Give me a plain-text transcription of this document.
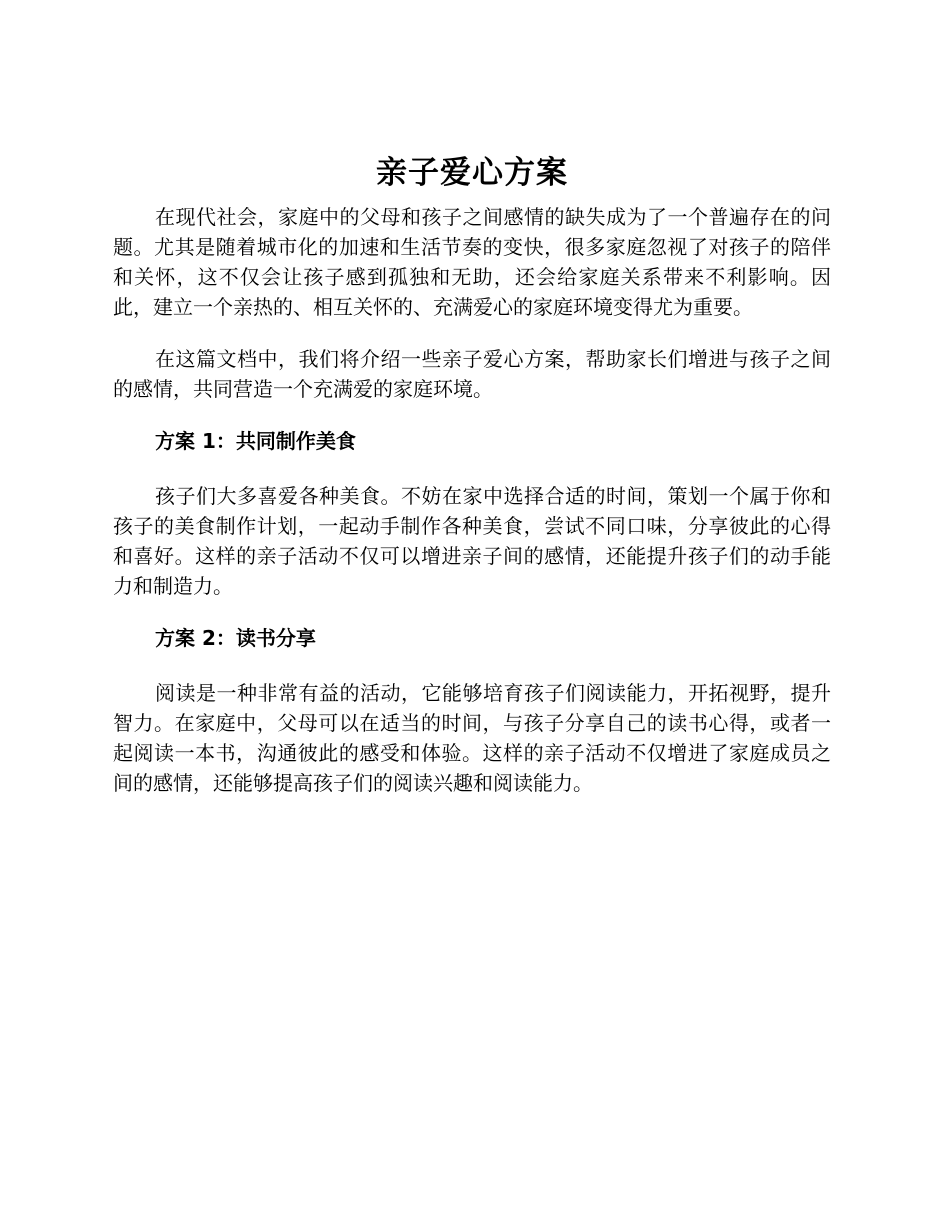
亲子爱心方案

在现代社会，家庭中的父母和孩子之间感情的缺失成为了一个普遍存在的问题。尤其是随着城市化的加速和生活节奏的变快，很多家庭忽视了对孩子的陪伴和关怀，这不仅会让孩子感到孤独和无助，还会给家庭关系带来不利影响。因此，建立一个亲热的、相互关怀的、充满爱心的家庭环境变得尤为重要。

在这篇文档中，我们将介绍一些亲子爱心方案，帮助家长们增进与孩子之间的感情，共同营造一个充满爱的家庭环境。

方案 1：共同制作美食

孩子们大多喜爱各种美食。不妨在家中选择合适的时间，策划一个属于你和孩子的美食制作计划，一起动手制作各种美食，尝试不同口味，分享彼此的心得和喜好。这样的亲子活动不仅可以增进亲子间的感情，还能提升孩子们的动手能力和制造力。

方案 2：读书分享

阅读是一种非常有益的活动，它能够培育孩子们阅读能力，开拓视野，提升智力。在家庭中，父母可以在适当的时间，与孩子分享自己的读书心得，或者一起阅读一本书，沟通彼此的感受和体验。这样的亲子活动不仅增进了家庭成员之间的感情，还能够提高孩子们的阅读兴趣和阅读能力。
